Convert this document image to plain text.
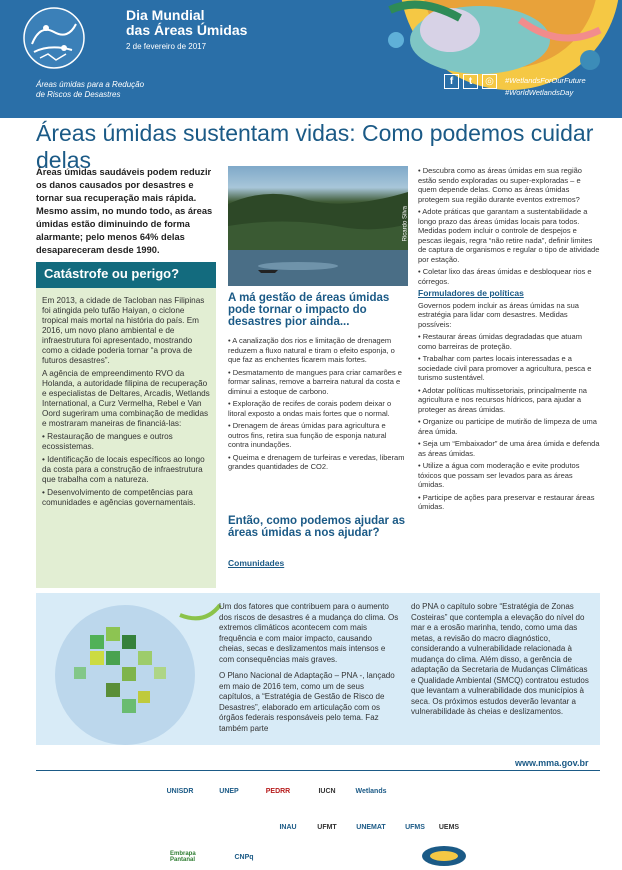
Dia Mundial
das Áreas Úmidas
2 de fevereiro de 2017
Áreas úmidas para a Redução
de Riscos de Desastres
f	t	◎	#WetlandsForOurFuture
#WorldWetlandsDay
Áreas úmidas sustentam vidas: Como podemos cuidar delas
Áreas úmidas saudáveis podem reduzir os danos causados por desastres e tornar sua recuperação mais rápida. Mesmo assim, no mundo todo, as áreas úmidas estão diminuindo de forma alarmante; pelo menos 64% delas desapareceram desde 1990.
Catástrofe ou perigo?

Em 2013, a cidade de Tacloban nas Filipinas foi atingida pelo tufão Haiyan, o ciclone tropical mais mortal na história do país. Em 2016, um novo plano ambiental e de infraestrutura foi apresentado, mostrando como a cidade poderia tornar “a prova de futuros desastres”.

A agência de empreendimento RVO da Holanda, a autoridade filipina de recuperação e especialistas de Deltares, Arcadis, Wetlands International, a Curz Vermelha, Rebel e Van Oord sugeriram uma combinação de medidas e mostraram maneiras de financiá-las:

• Restauração de mangues e outros ecossistemas.
• Identificação de locais específicos ao longo da costa para a construção de infraestrutura que trabalha com a natureza.
• Desenvolvimento de competências para comunidades e agências governamentais.
Ricardo Silva
A má gestão de áreas úmidas pode tornar o impacto do desastres pior ainda...
• A canalização dos rios e limitação de drenagem reduzem a fluxo natural e tiram o efeito esponja, o que faz as enchentes ficarem mais fortes.
• Desmatamento de mangues para criar camarões e formar salinas, remove a barreira natural da costa e diminui a estoque de carbono.
• Exploração de recifes de corais podem deixar o litoral exposto a ondas mais fortes que o normal.
• Drenagem de áreas úmidas para agricultura e outros fins, retira sua função de esponja natural contra inundações.
• Queima e drenagem de turfeiras e veredas, liberam grandes quantidades de CO2.
Então, como podemos ajudar as áreas úmidas a nos ajudar?
Comunidades
• Descubra como as áreas úmidas em sua região estão sendo exploradas ou super-exploradas – e quem depende delas. Como as áreas úmidas protegem sua região durante eventos extremos?
• Adote práticas que garantam a sustentabilidade a longo prazo das áreas úmidas locais para todos. Medidas podem incluir o controle de despejos e pescas ilegais, regra “não retire nada”, definir limites de captura de organismos e regular o tipo de atividade por estação.
• Coletar lixo das áreas úmidas e desbloquear rios e córregos.
Formuladores de políticas

Governos podem incluir as áreas úmidas na sua estratégia para lidar com desastres. Medidas possíveis:

• Restaurar áreas úmidas degradadas que atuam como barreiras de proteção.
• Trabalhar com partes locais interessadas e a sociedade civil para promover a agricultura, pesca e turismo sustentável.
• Adotar políticas multissetoriais, principalmente na agricultura e nos recursos hídricos, para ajudar a proteger as áreas úmidas.
• Organize ou participe de mutirão de limpeza de uma área úmida.
• Seja um “Embaixador” de uma área úmida e defenda as áreas úmidas.
• Utilize a água com moderação e evite produtos tóxicos que possam ser levados para as áreas úmidas.
• Participe de ações para preservar e restaurar áreas úmidas.

Um dos fatores que contribuem para o aumento dos riscos de desastres é a mudança do clima. Os extremos climáticos acontecem com mais frequência e com maior impacto, causando cheias, secas e deslizamentos mais intensos e com consequências mais graves.

O Plano Nacional de Adaptação – PNA -, lançado em maio de 2016 tem, como um de seus capítulos, a “Estratégia de Gestão de Risco de Desastres”, elaborado em articulação com os órgãos federais responsáveis pelo tema. Faz também parte

do PNA o capítulo sobre “Estratégia de Zonas Costeiras” que contempla a elevação do nível do mar e a erosão marinha, tendo, como uma das metas, a revisão do macro diagnóstico, considerando a vulnerabilidade relacionada à mudança do clima. Além disso, a gerência de adaptação da Secretaria de Mudanças Climáticas e Qualidade Ambiental (SMCQ) contratou estudos que levantam a vulnerabilidade dos municípios à seca. Os próximos estudos deverão levantar a vulnerabilidade às cheias e deslizamentos.
www.mma.gov.br
UNISDR	UNEP	PEDRR	IUCN	Wetlands
INAU	UFMT	UNEMAT
CNPq
Embrapa Pantanal
UFMS	UEMS
